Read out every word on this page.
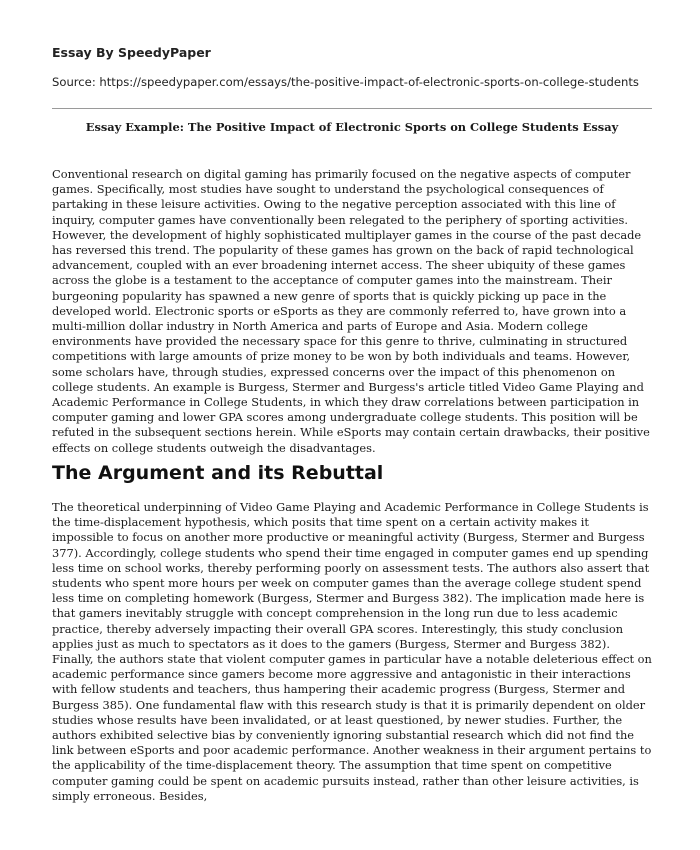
Essay By SpeedyPaper
Source: https://speedypaper.com/essays/the-positive-impact-of-electronic-sports-on-college-students
Essay Example: The Positive Impact of Electronic Sports on College Students Essay

Conventional research on digital gaming has primarily focused on the negative aspects of computer games. Specifically, most studies have sought to understand the psychological consequences of partaking in these leisure activities. Owing to the negative perception associated with this line of inquiry, computer games have conventionally been relegated to the periphery of sporting activities. However, the development of highly sophisticated multiplayer games in the course of the past decade has reversed this trend. The popularity of these games has grown on the back of rapid technological advancement, coupled with an ever broadening internet access. The sheer ubiquity of these games across the globe is a testament to the acceptance of computer games into the mainstream. Their burgeoning popularity has spawned a new genre of sports that is quickly picking up pace in the developed world. Electronic sports or eSports as they are commonly referred to, have grown into a multi-million dollar industry in North America and parts of Europe and Asia. Modern college environments have provided the necessary space for this genre to thrive, culminating in structured competitions with large amounts of prize money to be won by both individuals and teams. However, some scholars have, through studies, expressed concerns over the impact of this phenomenon on college students. An example is Burgess, Stermer and Burgess's article titled Video Game Playing and Academic Performance in College Students, in which they draw correlations between participation in computer gaming and lower GPA scores among undergraduate college students. This position will be refuted in the subsequent sections herein. While eSports may contain certain drawbacks, their positive effects on college students outweigh the disadvantages.

The Argument and its Rebuttal

The theoretical underpinning of Video Game Playing and Academic Performance in College Students is the time-displacement hypothesis, which posits that time spent on a certain activity makes it impossible to focus on another more productive or meaningful activity (Burgess, Stermer and Burgess 377). Accordingly, college students who spend their time engaged in computer games end up spending less time on school works, thereby performing poorly on assessment tests. The authors also assert that students who spent more hours per week on computer games than the average college student spend less time on completing homework (Burgess, Stermer and Burgess 382). The implication made here is that gamers inevitably struggle with concept comprehension in the long run due to less academic practice, thereby adversely impacting their overall GPA scores. Interestingly, this study conclusion applies just as much to spectators as it does to the gamers (Burgess, Stermer and Burgess 382). Finally, the authors state that violent computer games in particular have a notable deleterious effect on academic performance since gamers become more aggressive and antagonistic in their interactions with fellow students and teachers, thus hampering their academic progress (Burgess, Stermer and Burgess 385). One fundamental flaw with this research study is that it is primarily dependent on older studies whose results have been invalidated, or at least questioned, by newer studies. Further, the authors exhibited selective bias by conveniently ignoring substantial research which did not find the link between eSports and poor academic performance. Another weakness in their argument pertains to the applicability of the time-displacement theory. The assumption that time spent on competitive computer gaming could be spent on academic pursuits instead, rather than other leisure activities, is simply erroneous. Besides,
